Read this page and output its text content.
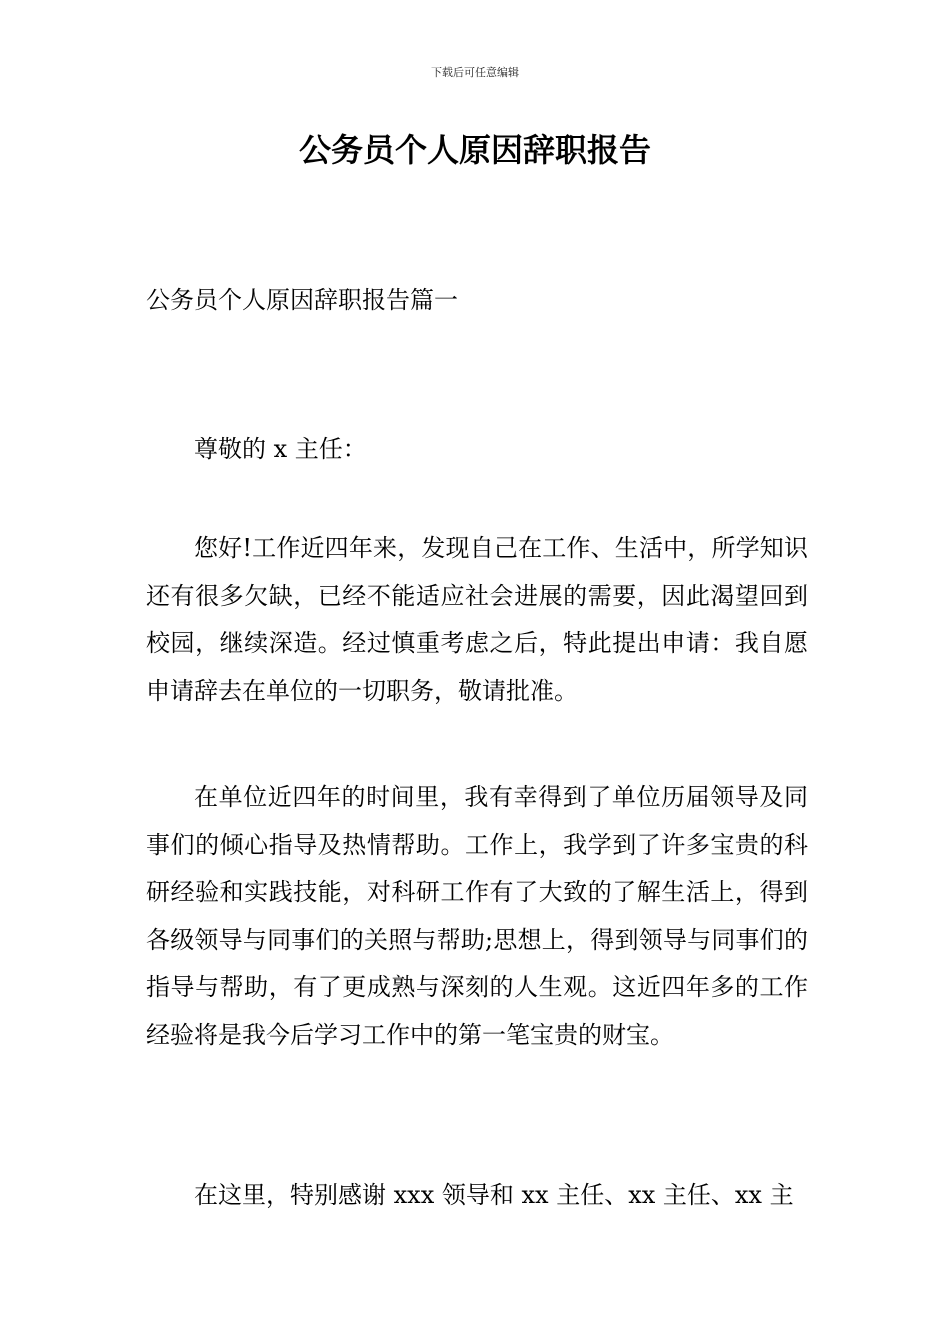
下载后可任意编辑
公务员个人原因辞职报告
公务员个人原因辞职报告篇一

尊敬的 x 主任：

您好!工作近四年来，发现自己在工作、生活中，所学知识还有很多欠缺，已经不能适应社会进展的需要，因此渴望回到校园，继续深造。经过慎重考虑之后，特此提出申请：我自愿申请辞去在单位的一切职务，敬请批准。

在单位近四年的时间里，我有幸得到了单位历届领导及同事们的倾心指导及热情帮助。工作上，我学到了许多宝贵的科研经验和实践技能，对科研工作有了大致的了解生活上，得到各级领导与同事们的关照与帮助;思想上，得到领导与同事们的指导与帮助，有了更成熟与深刻的人生观。这近四年多的工作经验将是我今后学习工作中的第一笔宝贵的财宝。

在这里，特别感谢 xxx 领导和 xx 主任、xx 主任、xx 主
